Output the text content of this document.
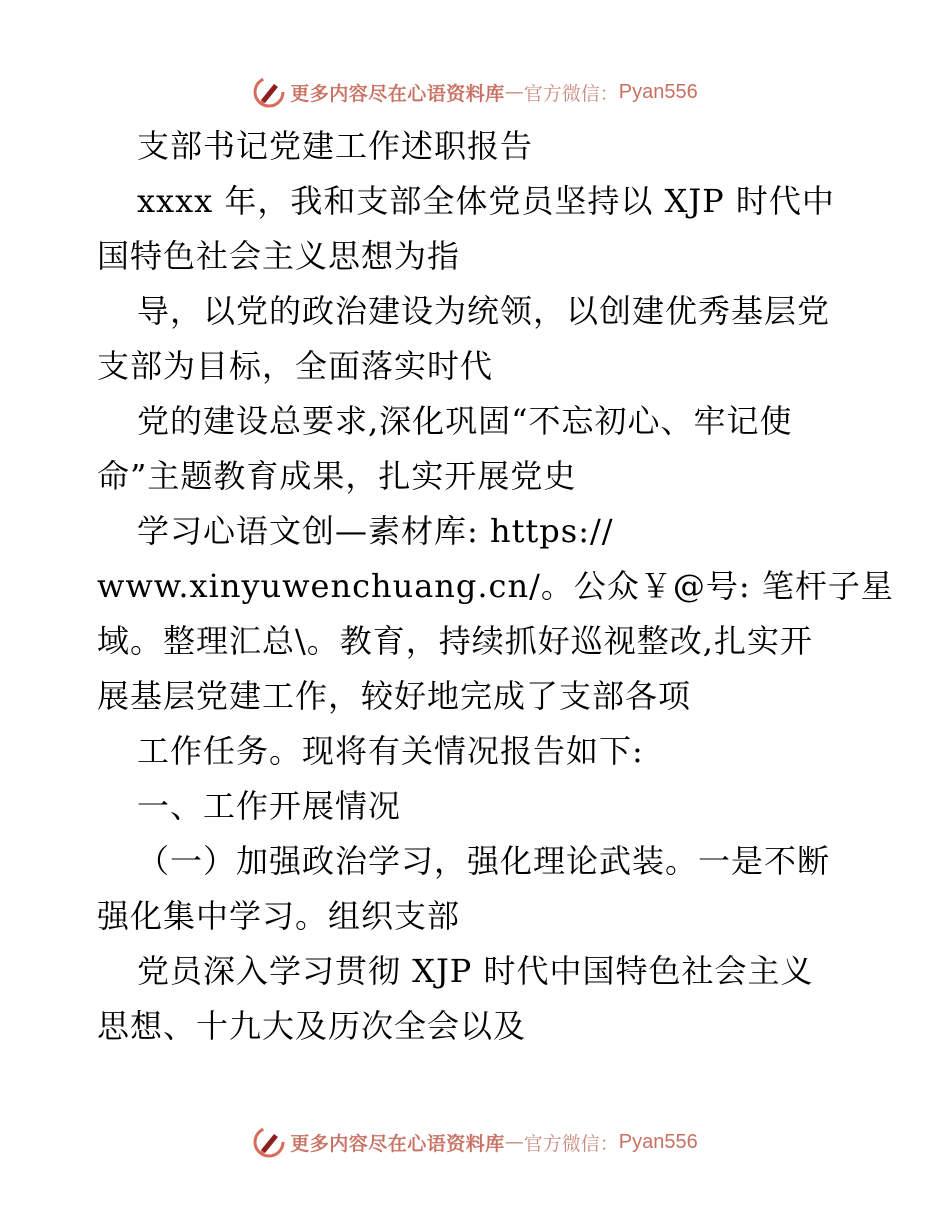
更多内容尽在心语资料库 — 官方微信： Pyan556
支部书记党建工作述职报告
xxxx 年，我和支部全体党员坚持以 XJP 时代中
国特色社会主义思想为指
导，以党的政治建设为统领，以创建优秀基层党
支部为目标，全面落实时代
党的建设总要求,深化巩固“不忘初心、牢记使
命”主题教育成果，扎实开展党史
学习心语文创—素材库: https://
www.xinyuwenchuang.cn/。公众￥@号: 笔杆子星
域。整理汇总\。教育，持续抓好巡视整改,扎实开
展基层党建工作，较好地完成了支部各项
工作任务。现将有关情况报告如下:
一、工作开展情况
（一）加强政治学习，强化理论武装。一是不断
强化集中学习。组织支部
党员深入学习贯彻 XJP 时代中国特色社会主义
思想、十九大及历次全会以及
更多内容尽在心语资料库 — 官方微信： Pyan556
